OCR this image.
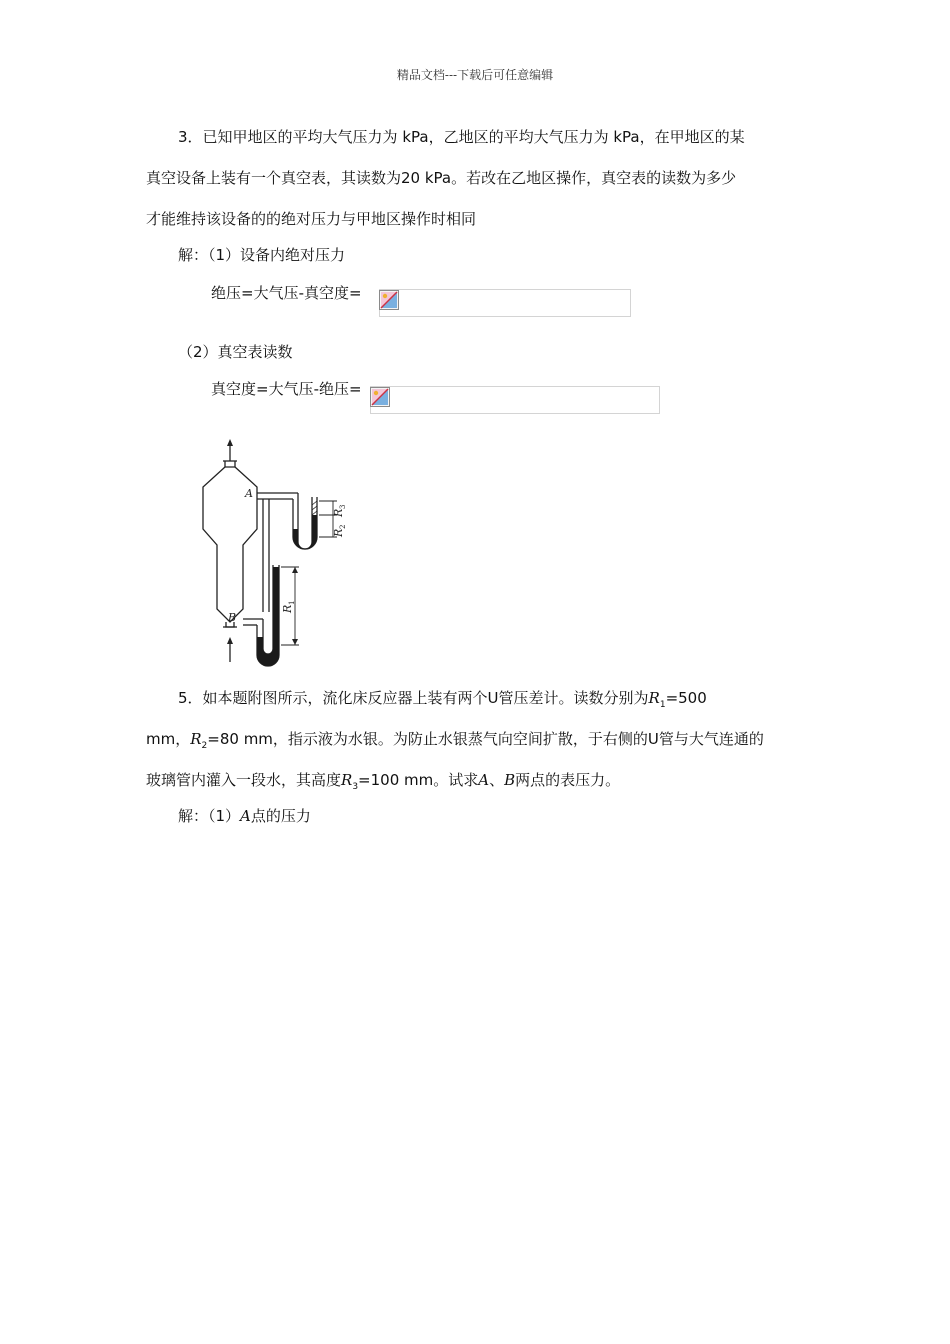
精品文档---下载后可任意编辑
3．已知甲地区的平均大气压力为 kPa，乙地区的平均大气压力为 kPa，在甲地区的某
真空设备上装有一个真空表，其读数为20 kPa。若改在乙地区操作，真空表的读数为多少
才能维持该设备的的绝对压力与甲地区操作时相同
解：（1）设备内绝对压力
绝压=大气压-真空度=
（2）真空表读数
真空度=大气压-绝压=
A
B
R
1
R
2
R
3
5．如本题附图所示，流化床反应器上装有两个U管压差计。读数分别为$R_1=500$
mm，$R_2=80$ mm，指示液为水银。为防止水银蒸气向空间扩散，于右侧的U管与大气连通的
玻璃管内灌入一段水，其高度$R_3=100$ mm。试求A、B两点的表压力。
解：（1）A点的压力
